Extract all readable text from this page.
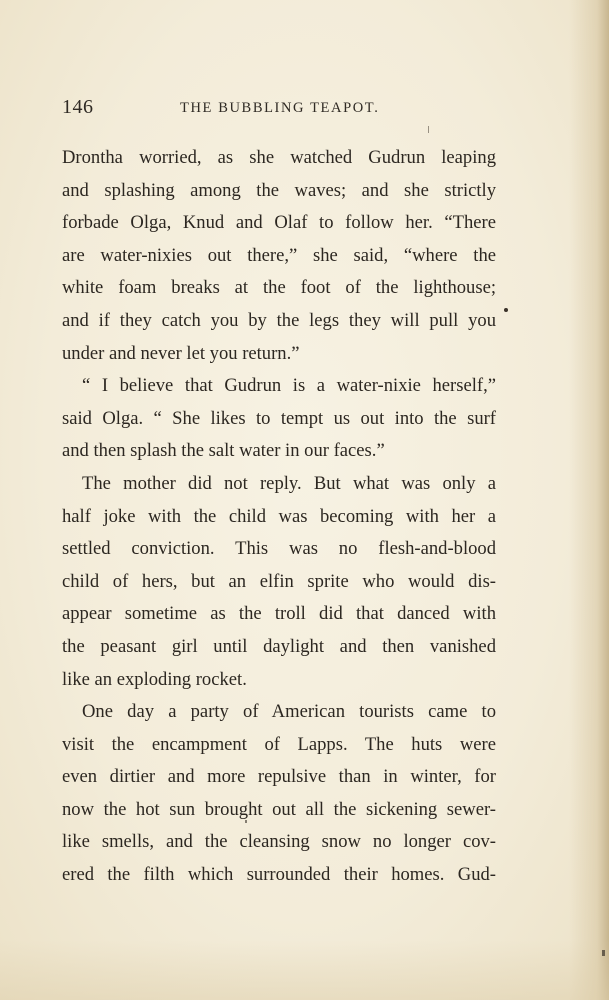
146	THE BUBBLING TEAPOT.
Drontha worried, as she watched Gudrun leaping
and splashing among the waves; and she strictly
forbade Olga, Knud and Olaf to follow her. “There
are water-nixies out there,” she said, “where the
white foam breaks at the foot of the lighthouse;
and if they catch you by the legs they will pull you
under and never let you return.”
“ I believe that Gudrun is a water-nixie herself,”
said Olga. “ She likes to tempt us out into the surf
and then splash the salt water in our faces.”
The mother did not reply. But what was only a
half joke with the child was becoming with her a
settled conviction. This was no flesh-and-blood
child of hers, but an elfin sprite who would dis-
appear sometime as the troll did that danced with
the peasant girl until daylight and then vanished
like an exploding rocket.
One day a party of American tourists came to
visit the encampment of Lapps. The huts were
even dirtier and more repulsive than in winter, for
now the hot sun brought out all the sickening sewer-
like smells, and the cleansing snow no longer cov-
ered the filth which surrounded their homes. Gud-
